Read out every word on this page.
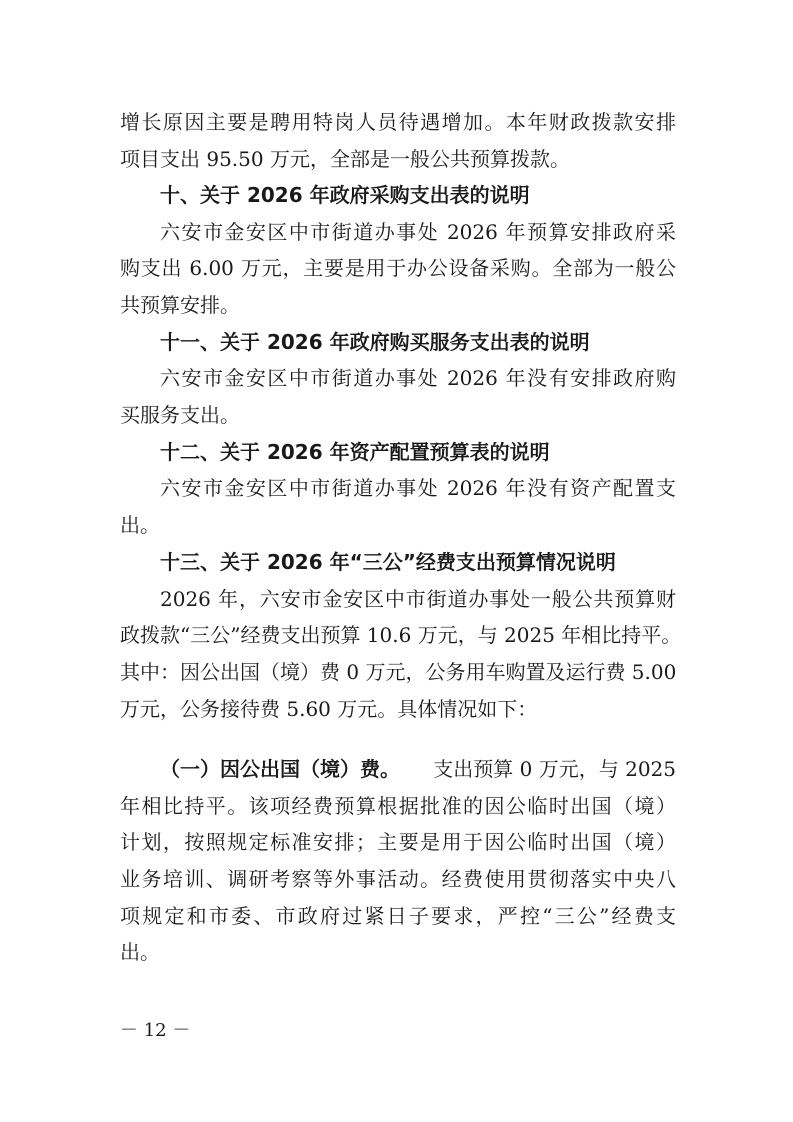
增长原因主要是聘用特岗人员待遇增加。本年财政拨款安排
项目支出 95.50 万元，全部是一般公共预算拨款。
十、关于 2026 年政府采购支出表的说明
六安市金安区中市街道办事处 2026 年预算安排政府采
购支出 6.00 万元，主要是用于办公设备采购。全部为一般公
共预算安排。
十一、关于 2026 年政府购买服务支出表的说明
六安市金安区中市街道办事处 2026 年没有安排政府购
买服务支出。
十二、关于 2026 年资产配置预算表的说明
六安市金安区中市街道办事处 2026 年没有资产配置支
出。
十三、关于 2026 年“三公”经费支出预算情况说明
2026 年，六安市金安区中市街道办事处一般公共预算财
政拨款“三公”经费支出预算 10.6 万元，与 2025 年相比持平。
其中：因公出国（境）费 0 万元，公务用车购置及运行费 5.00
万元，公务接待费 5.60 万元。具体情况如下：
（一）因公出国（境）费。 支出预算 0 万元，与 2025
年相比持平。该项经费预算根据批准的因公临时出国（境）
计划，按照规定标准安排；主要是用于因公临时出国（境）
业务培训、调研考察等外事活动。经费使用贯彻落实中央八
项规定和市委、市政府过紧日子要求，严控“三公”经费支
出。
－ 12 －
